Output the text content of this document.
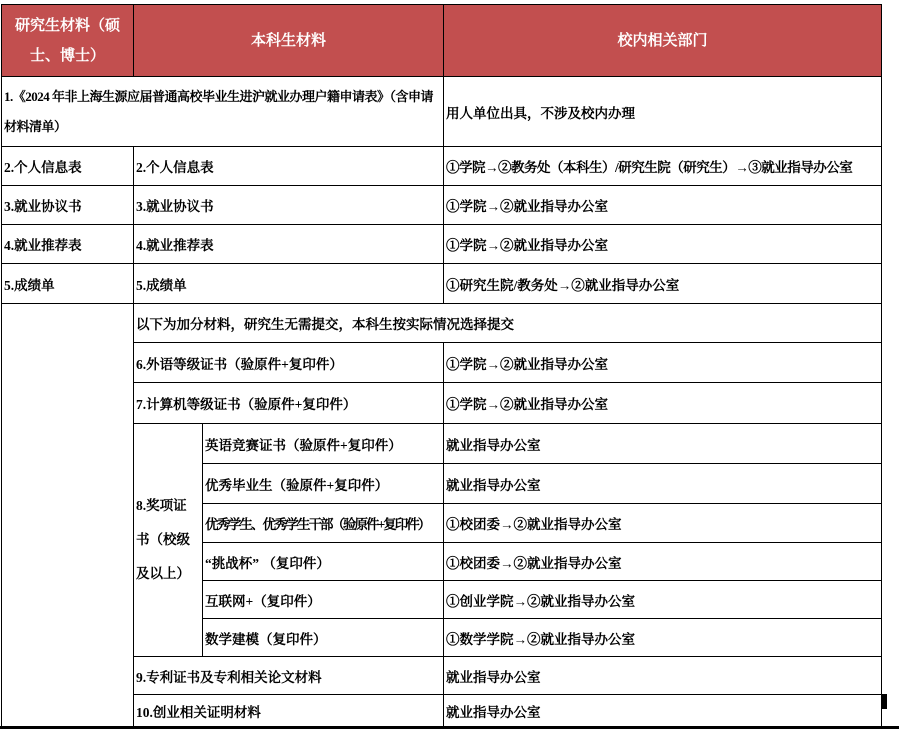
研究生材料（硕士、博士）	本科生材料		校内相关部门
1.《2024 年非上海生源应届普通高校毕业生进沪就业办理户籍申请表》（含申请材料清单）			用人单位出具，不涉及校内办理
2.个人信息表	2.个人信息表		①学院→②教务处（本科生）/研究生院（研究生）→③就业指导办公室
3.就业协议书	3.就业协议书		①学院→②就业指导办公室
4.就业推荐表	4.就业推荐表		①学院→②就业指导办公室
5.成绩单	5.成绩单		①研究生院/教务处→②就业指导办公室
	以下为加分材料，研究生无需提交，本科生按实际情况选择提交		
	6.外语等级证书（验原件+复印件）		①学院→②就业指导办公室
	7.计算机等级证书（验原件+复印件）		①学院→②就业指导办公室
	8.奖项证书（校级及以上）	英语竞赛证书（验原件+复印件）	就业指导办公室
		优秀毕业生（验原件+复印件）	就业指导办公室
		优秀学生、优秀学生干部（验原件+复印件）	①校团委→②就业指导办公室
		“挑战杯” （复印件）	①校团委→②就业指导办公室
		互联网+（复印件）	①创业学院→②就业指导办公室
		数学建模（复印件）	①数学学院→②就业指导办公室
	9.专利证书及专利相关论文材料		就业指导办公室
	10.创业相关证明材料		就业指导办公室
